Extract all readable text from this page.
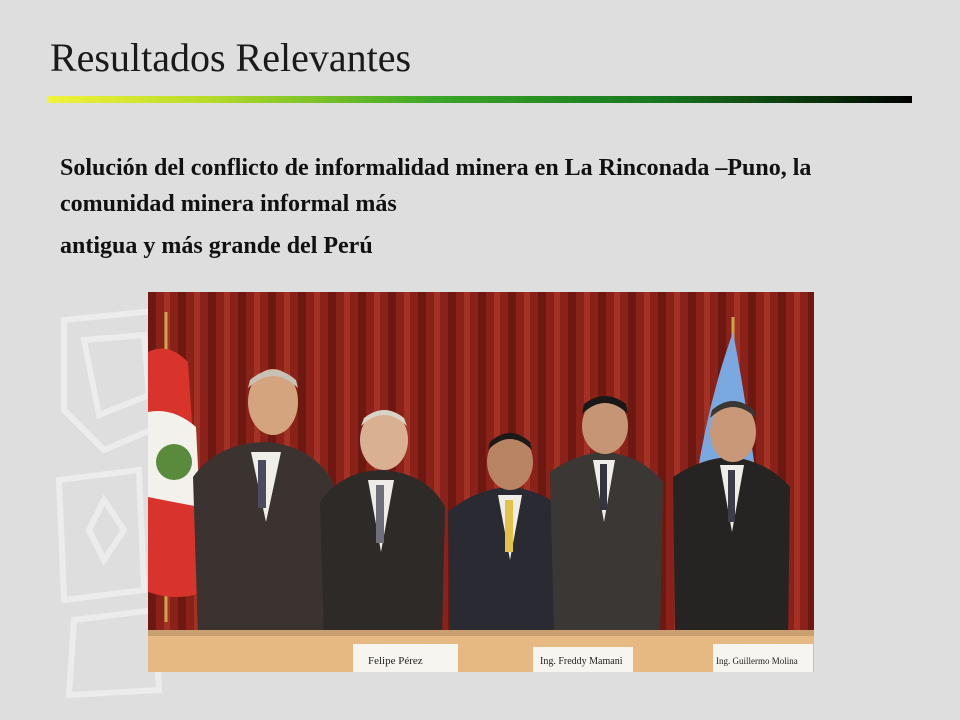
Resultados Relevantes
Solución del conflicto de informalidad minera en La Rinconada –Puno, la comunidad minera informal más
antigua y más grande del Perú
Felipe Pérez	Ing. Freddy Mamani	Ing. Guillermo Molina
